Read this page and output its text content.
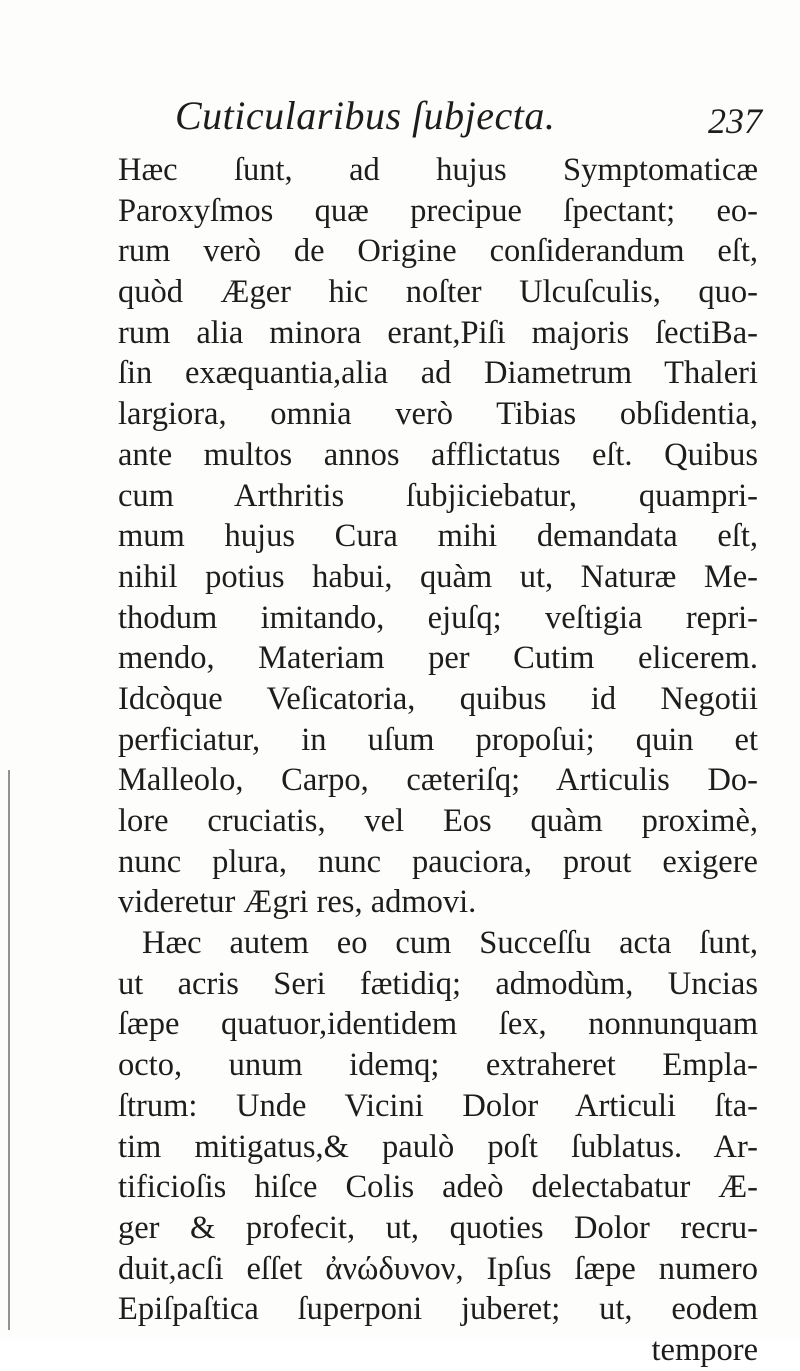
Cuticularibus ſubjecta.	237
Hæc ſunt, ad hujus Symptomaticæ
Paroxyſmos quæ precipue ſpectant; eo-
rum verò de Origine conſiderandum eſt,
quòd Æger hic noſter Ulcuſculis, quo-
rum alia minora erant,Piſi majoris ſectiBa-
ſin exæquantia,alia ad Diametrum Thaleri
largiora, omnia verò Tibias obſidentia,
ante multos annos afflictatus eſt. Quibus
cum Arthritis ſubjiciebatur, quampri-
mum hujus Cura mihi demandata eſt,
nihil potius habui, quàm ut, Naturæ Me-
thodum imitando, ejuſq; veſtigia repri-
mendo, Materiam per Cutim elicerem.
Idcòque Veſicatoria, quibus id Negotii
perficiatur, in uſum propoſui; quin et
Malleolo, Carpo, cæteriſq; Articulis Do-
lore cruciatis, vel Eos quàm proximè,
nunc plura, nunc pauciora, prout exigere
videretur Ægri res, admovi.
Hæc autem eo cum Succeſſu acta ſunt,
ut acris Seri fætidiq; admodùm, Uncias
ſæpe quatuor,identidem ſex, nonnunquam
octo, unum idemq; extraheret Empla-
ſtrum: Unde Vicini Dolor Articuli ſta-
tim mitigatus,& paulò poſt ſublatus. Ar-
tificioſis hiſce Colis adeò delectabatur Æ-
ger & profecit, ut, quoties Dolor recru-
duit,acſi eſſet ἀνώδυνον, Ipſus ſæpe numero
Epiſpaſtica ſuperponi juberet; ut, eodem
tempore
